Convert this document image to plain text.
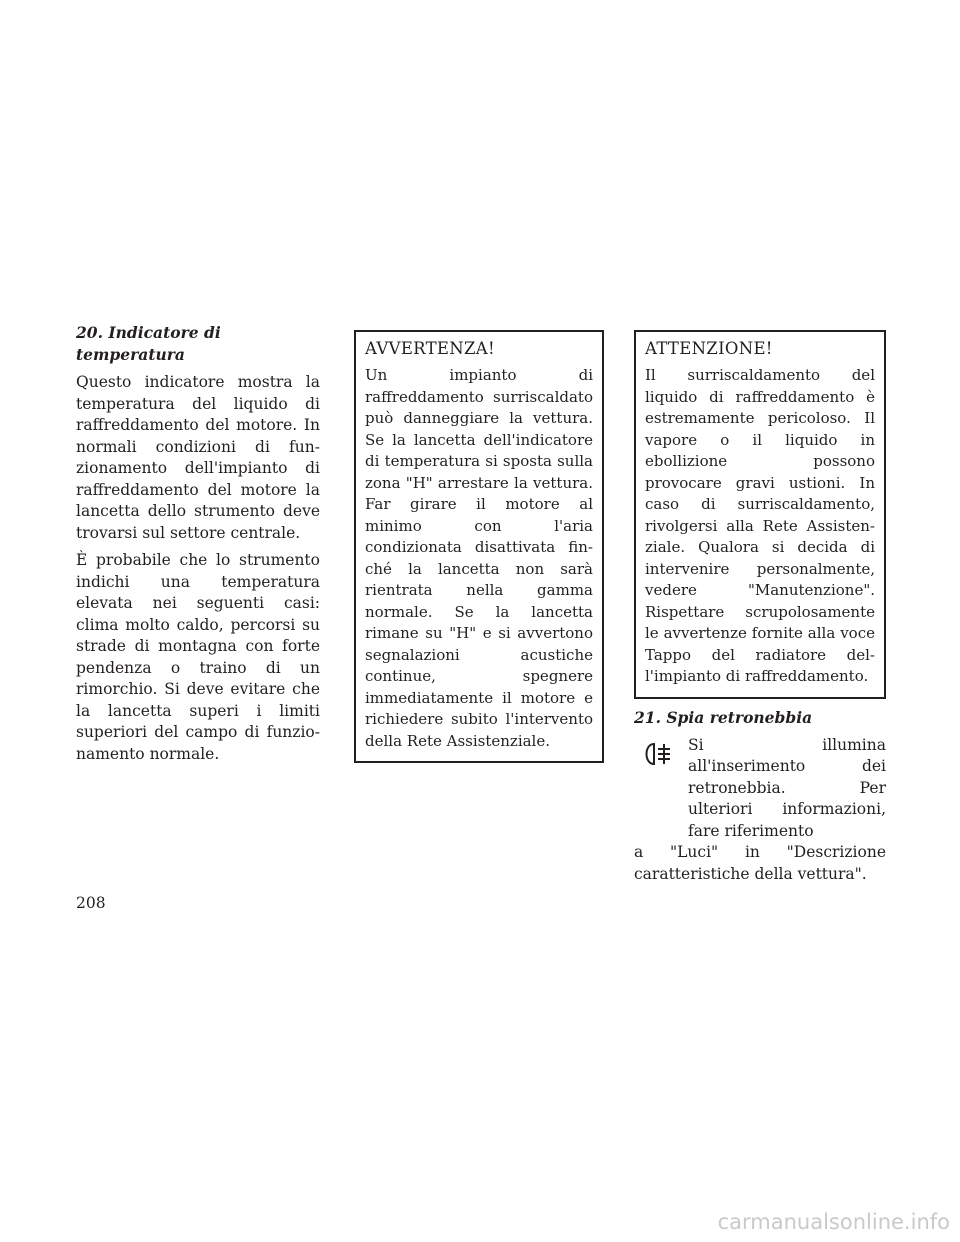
20. Indicatore di temperatura

Questo indicatore mostra la temperatura del liquido di raffreddamento del motore. In normali condizioni di funzionamento dell'impianto di raffreddamento del motore la lancetta dello strumento deve trovarsi sul settore centrale.

È probabile che lo strumento indichi una temperatura elevata nei seguenti casi: clima molto caldo, percorsi su strade di montagna con forte pendenza o traino di un rimorchio. Si deve evitare che la lancetta superi i limiti superiori del campo di funzionamento normale.

AVVERTENZA!

Un impianto di raffreddamento surriscaldato può danneggiare la vettura. Se la lancetta dell'indicatore di temperatura si sposta sulla zona "H" arrestare la vettura. Far girare il motore al minimo con l'aria condizionata disattivata finché la lancetta non sarà rientrata nella gamma normale. Se la lancetta rimane su "H" e si avvertono segnalazioni acustiche continue, spegnere immediatamente il motore e richiedere subito l'intervento della Rete Assistenziale.

ATTENZIONE!

Il surriscaldamento del liquido di raffreddamento è estremamente pericoloso. Il vapore o il liquido in ebollizione possono provocare gravi ustioni. In caso di surriscaldamento, rivolgersi alla Rete Assistenziale. Qualora si decida di intervenire personalmente, vedere "Manutenzione". Rispettare scrupolosamente le avvertenze fornite alla voce Tappo del radiatore dell'impianto di raffreddamento.

21. Spia retronebbia

Si illumina all'inserimento dei retronebbia. Per ulteriori informazioni, fare riferimento

a "Luci" in "Descrizione caratteristiche della vettura".

208
carmanualsonline.info
